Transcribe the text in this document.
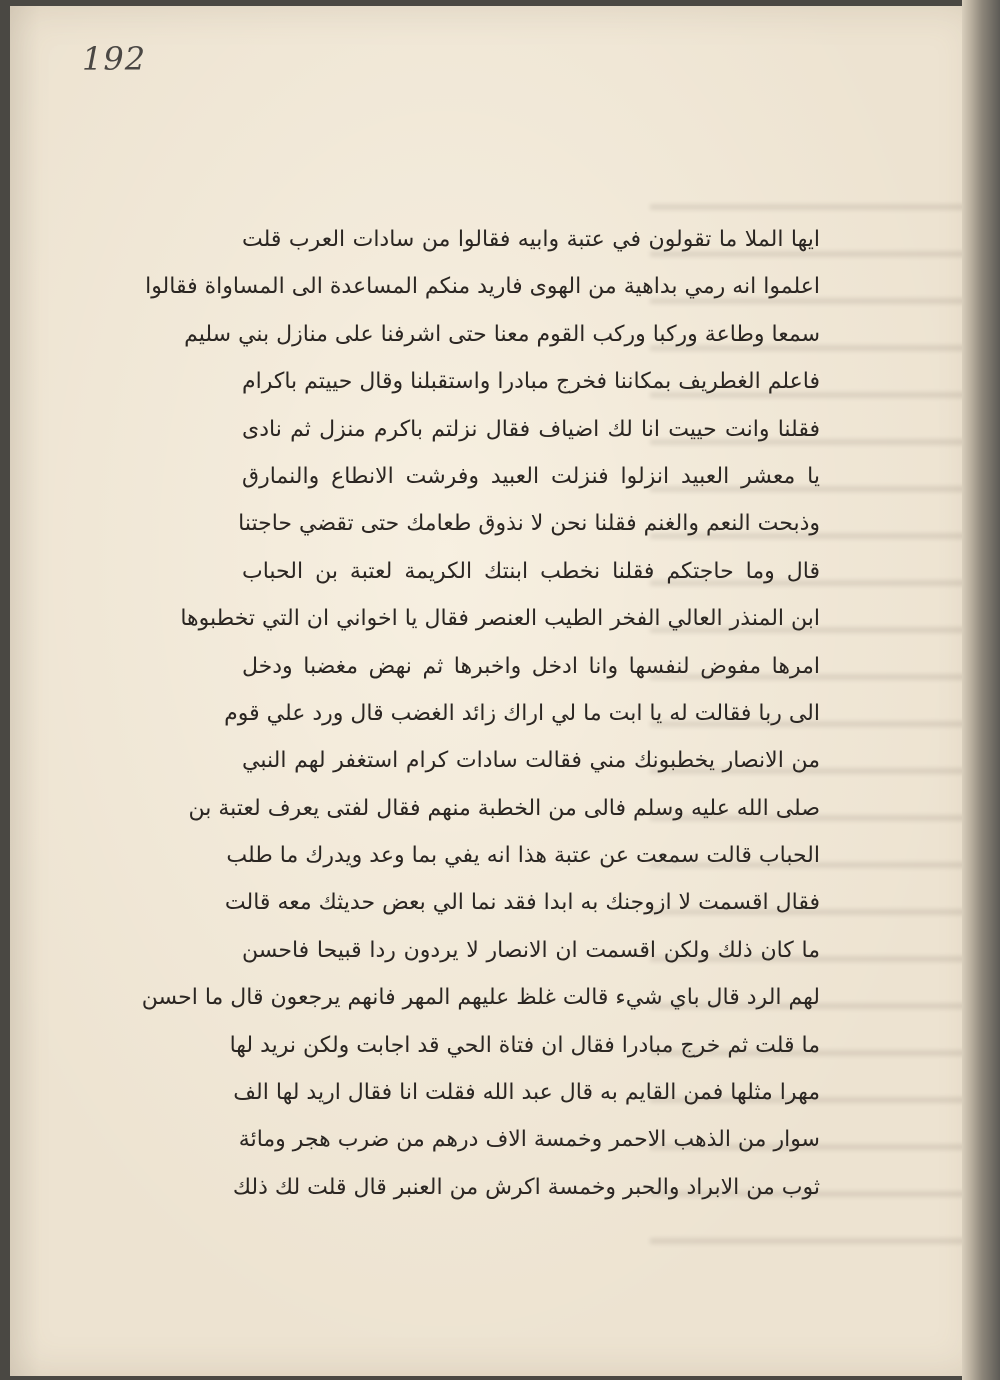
192
ايها الملا ما تقولون في عتبة وابيه فقالوا من سادات العرب قلت
اعلموا انه رمي بداهية من الهوى فاريد منكم المساعدة الى المساواة فقالوا
سمعا وطاعة وركبا وركب القوم معنا حتى اشرفنا على منازل بني سليم
فاعلم الغطريف بمكاننا فخرج مبادرا واستقبلنا وقال حييتم باكرام
فقلنا وانت حييت انا لك اضياف فقال نزلتم باكرم منزل ثم نادى
يا معشر العبيد انزلوا فنزلت العبيد وفرشت الانطاع والنمارق
وذبحت النعم والغنم فقلنا نحن لا نذوق طعامك حتى تقضي حاجتنا
قال وما حاجتكم فقلنا نخطب ابنتك الكريمة لعتبة بن الحباب
ابن المنذر العالي الفخر الطيب العنصر فقال يا اخواني ان التي تخطبوها
امرها مفوض لنفسها وانا ادخل واخبرها ثم نهض مغضبا ودخل
الى ربا فقالت له يا ابت ما لي اراك زائد الغضب قال ورد علي قوم
من الانصار يخطبونك مني فقالت سادات كرام استغفر لهم النبي
صلى الله عليه وسلم فالى من الخطبة منهم فقال لفتى يعرف لعتبة بن
الحباب قالت سمعت عن عتبة هذا انه يفي بما وعد ويدرك ما طلب
فقال اقسمت لا ازوجنك به ابدا فقد نما الي بعض حديثك معه قالت
ما كان ذلك ولكن اقسمت ان الانصار لا يردون ردا قبيحا فاحسن
لهم الرد قال باي شيء قالت غلظ عليهم المهر فانهم يرجعون قال ما احسن
ما قلت ثم خرج مبادرا فقال ان فتاة الحي قد اجابت ولكن نريد لها
مهرا مثلها فمن القايم به قال عبد الله فقلت انا فقال اريد لها الف
سوار من الذهب الاحمر وخمسة الاف درهم من ضرب هجر ومائة
ثوب من الابراد والحبر وخمسة اكرش من العنبر قال قلت لك ذلك
